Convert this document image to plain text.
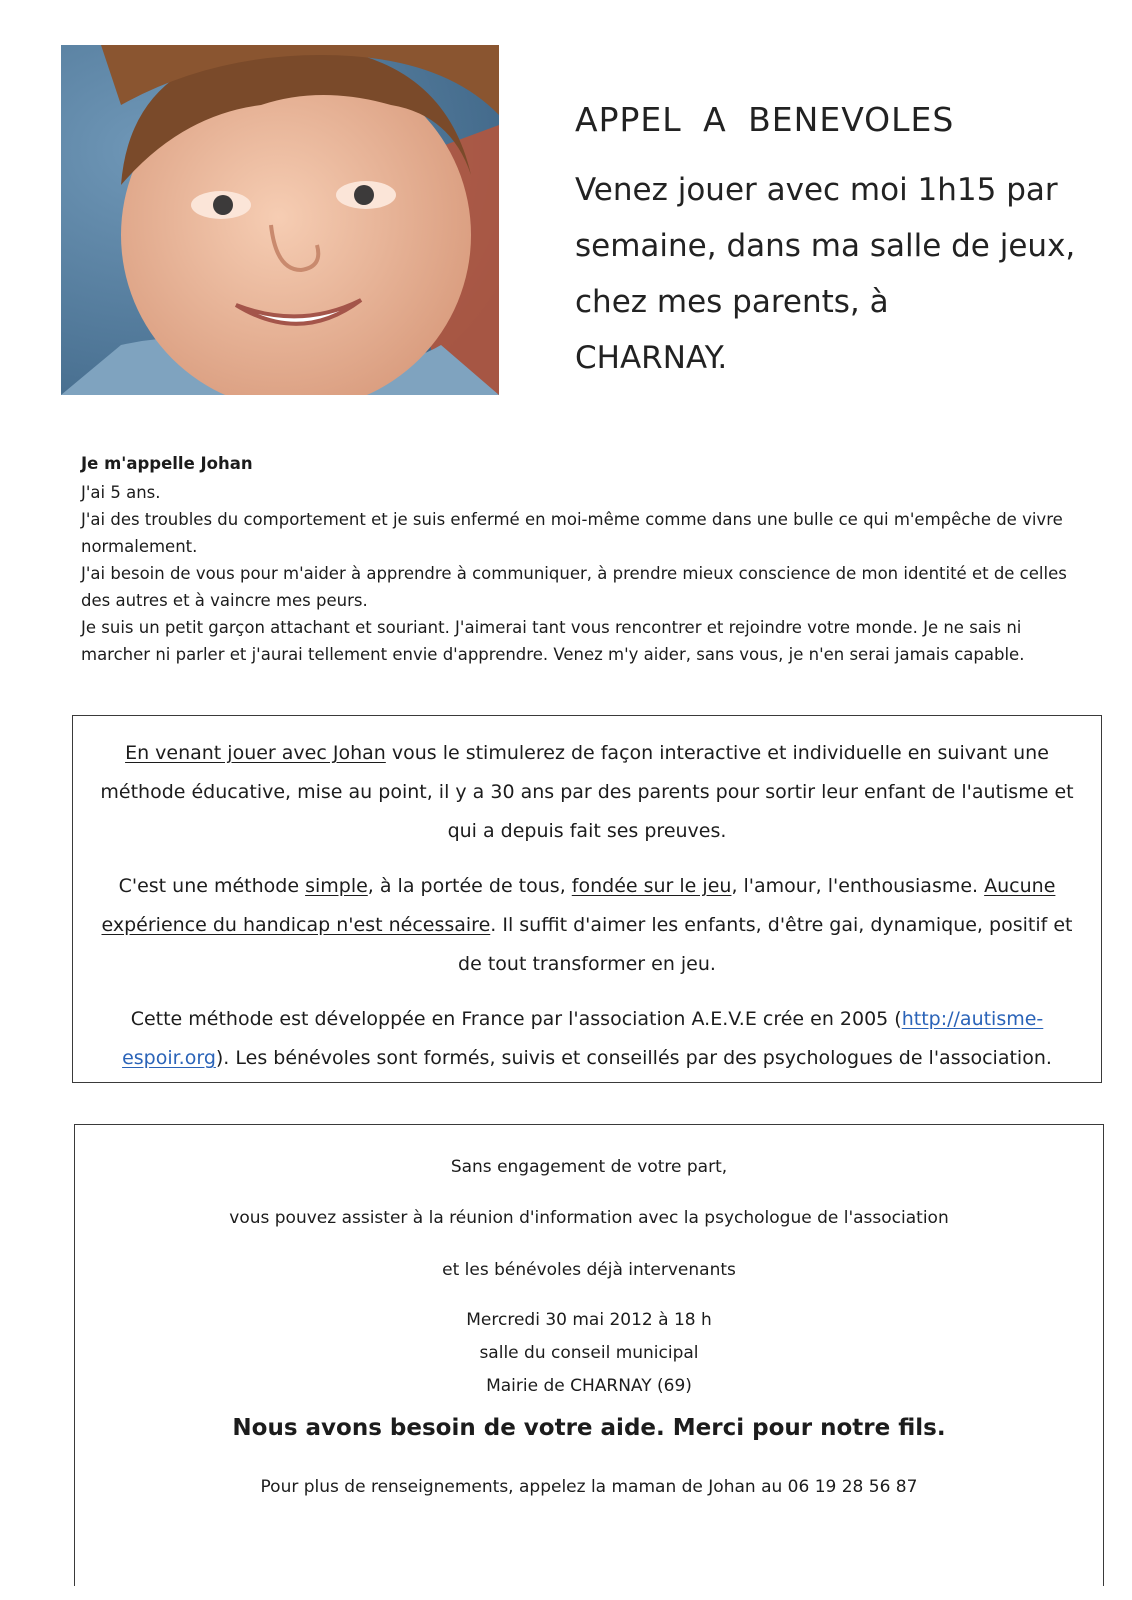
APPEL A BENEVOLES

Venez jouer avec moi 1h15 par

semaine, dans ma salle de jeux,

chez mes parents, à

CHARNAY.

Je m'appelle Johan

J'ai 5 ans.

J'ai des troubles du comportement et je suis enfermé en moi-même comme dans une bulle ce qui m'empêche de vivre normalement.

J'ai besoin de vous pour m'aider à apprendre à communiquer, à prendre mieux conscience de mon identité et de celles des autres et à vaincre mes peurs.

Je suis un petit garçon attachant et souriant. J'aimerai tant vous rencontrer et rejoindre votre monde. Je ne sais ni marcher ni parler et j'aurai tellement envie d'apprendre. Venez m'y aider, sans vous, je n'en serai jamais capable.

En venant jouer avec Johan vous le stimulerez de façon interactive et individuelle en suivant une méthode éducative, mise au point, il y a 30 ans par des parents pour sortir leur enfant de l'autisme et qui a depuis fait ses preuves.

C'est une méthode simple, à la portée de tous, fondée sur le jeu, l'amour, l'enthousiasme. Aucune expérience du handicap n'est nécessaire. Il suffit d'aimer les enfants, d'être gai, dynamique, positif et de tout transformer en jeu.

Cette méthode est développée en France par l'association A.E.V.E crée en 2005 (http://autisme-espoir.org). Les bénévoles sont formés, suivis et conseillés par des psychologues de l'association.

Sans engagement de votre part,
vous pouvez assister à la réunion d'information avec la psychologue de l'association
et les bénévoles déjà intervenants
Mercredi 30 mai 2012 à 18 h
salle du conseil municipal
Mairie de CHARNAY (69)
Nous avons besoin de votre aide. Merci pour notre fils.
Pour plus de renseignements, appelez la maman de Johan au 06 19 28 56 87
